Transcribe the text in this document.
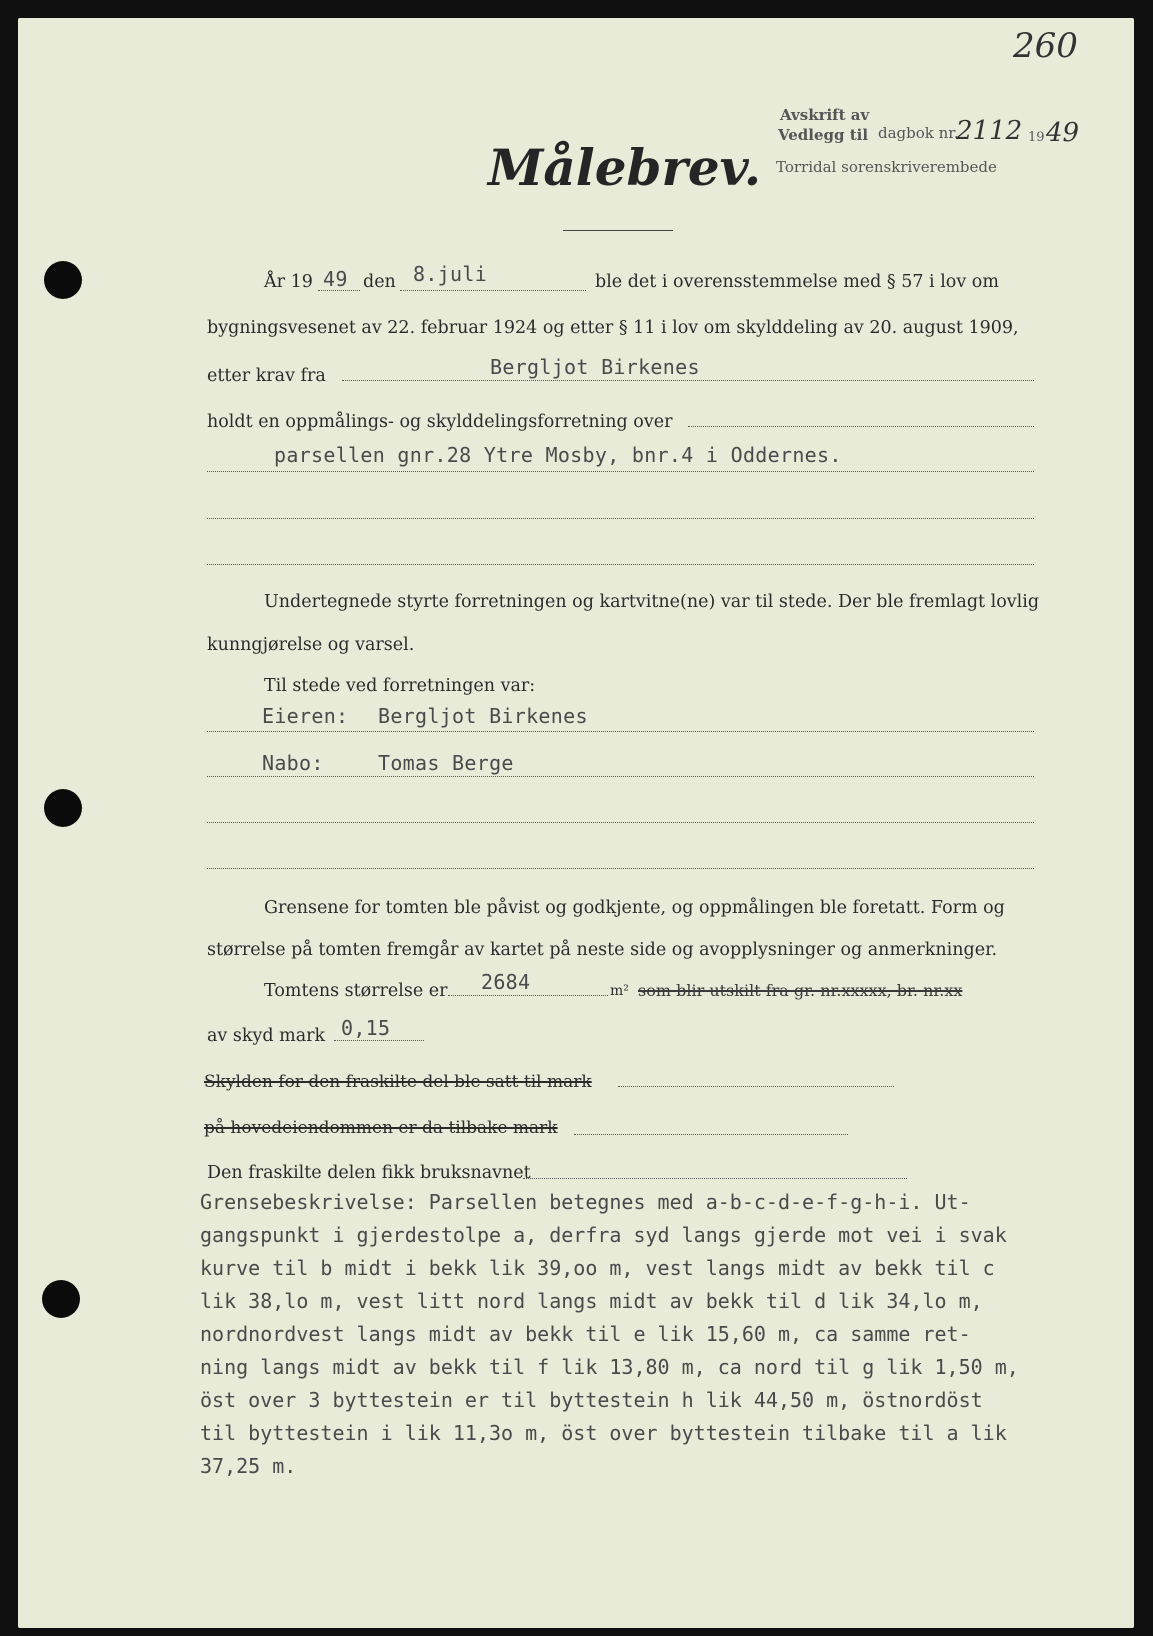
260
Avskrift av
Vedlegg til dagbok nr.
2112 19 49
Torridal sorenskriverembede
Målebrev.
År 19 49 den 8.juli	ble det i overensstemmelse med § 57 i lov om
bygningsvesenet av 22. februar 1924 og etter § 11 i lov om skylddeling av 20. august 1909,
etter krav fra	Bergljot Birkenes
holdt en oppmålings- og skylddelingsforretning over
parsellen gnr.28 Ytre Mosby, bnr.4 i Oddernes.
Undertegnede styrte forretningen og kartvitne(ne) var til stede. Der ble fremlagt lovlig
kunngjørelse og varsel.
Til stede ved forretningen var:
Eieren: Bergljot Birkenes
Nabo:	Tomas Berge
Grensene for tomten ble påvist og godkjente, og oppmålingen ble foretatt. Form og
størrelse på tomten fremgår av kartet på neste side og avopplysninger og anmerkninger.
Tomtens størrelse er 2684	m² som blir utskilt fra gr. nr.xxxxx, br. nr.xx
av skyd mark 0,15
Skylden for den fraskilte del ble satt til mark
på hovedeiendommen er da tilbake mark
Den fraskilte delen fikk bruksnavnet
Grensebeskrivelse: Parsellen betegnes med a-b-c-d-e-f-g-h-i. Ut-
gangspunkt i gjerdestolpe a, derfra syd langs gjerde mot vei i svak
kurve til b midt i bekk lik 39,oo m, vest langs midt av bekk til c
lik 38,lo m, vest litt nord langs midt av bekk til d lik 34,lo m,
nordnordvest langs midt av bekk til e lik 15,60 m, ca samme ret-
ning langs midt av bekk til f lik 13,80 m, ca nord til g lik 1,50 m,
öst over 3 byttestein er til byttestein h lik 44,50 m, östnordöst
til byttestein i lik 11,3o m, öst over byttestein tilbake til a lik
37,25 m.
